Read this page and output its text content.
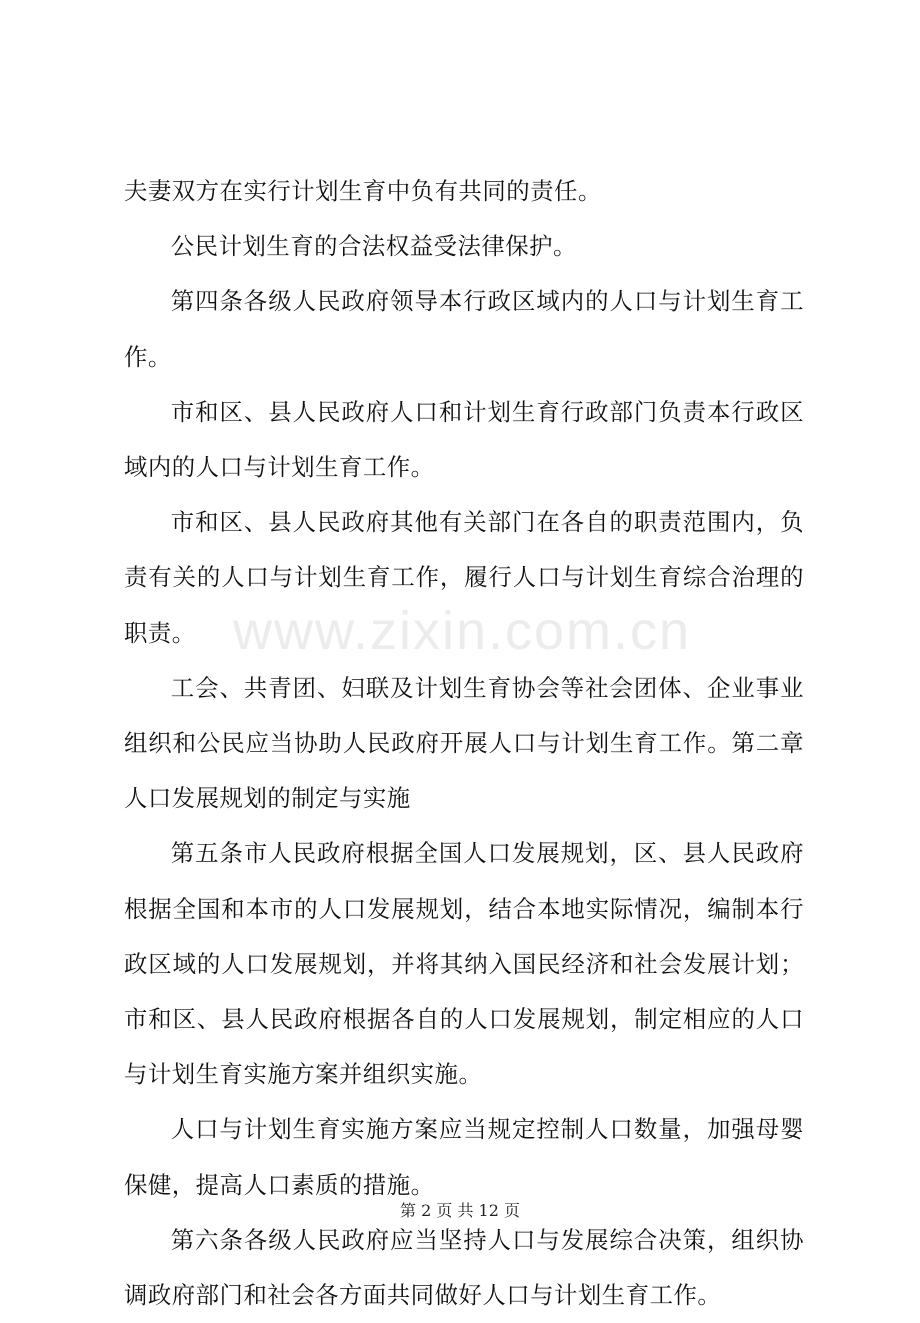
夫妻双方在实行计划生育中负有共同的责任。

公民计划生育的合法权益受法律保护。

第四条各级人民政府领导本行政区域内的人口与计划生育工作。

市和区、县人民政府人口和计划生育行政部门负责本行政区域内的人口与计划生育工作。

市和区、县人民政府其他有关部门在各自的职责范围内，负责有关的人口与计划生育工作，履行人口与计划生育综合治理的职责。

工会、共青团、妇联及计划生育协会等社会团体、企业事业组织和公民应当协助人民政府开展人口与计划生育工作。第二章人口发展规划的制定与实施

第五条市人民政府根据全国人口发展规划，区、县人民政府根据全国和本市的人口发展规划，结合本地实际情况，编制本行政区域的人口发展规划，并将其纳入国民经济和社会发展计划；市和区、县人民政府根据各自的人口发展规划，制定相应的人口与计划生育实施方案并组织实施。

人口与计划生育实施方案应当规定控制人口数量，加强母婴保健，提高人口素质的措施。

第六条各级人民政府应当坚持人口与发展综合决策，组织协调政府部门和社会各方面共同做好人口与计划生育工作。

www.zixin.com.cn
第 2 页 共 12 页
